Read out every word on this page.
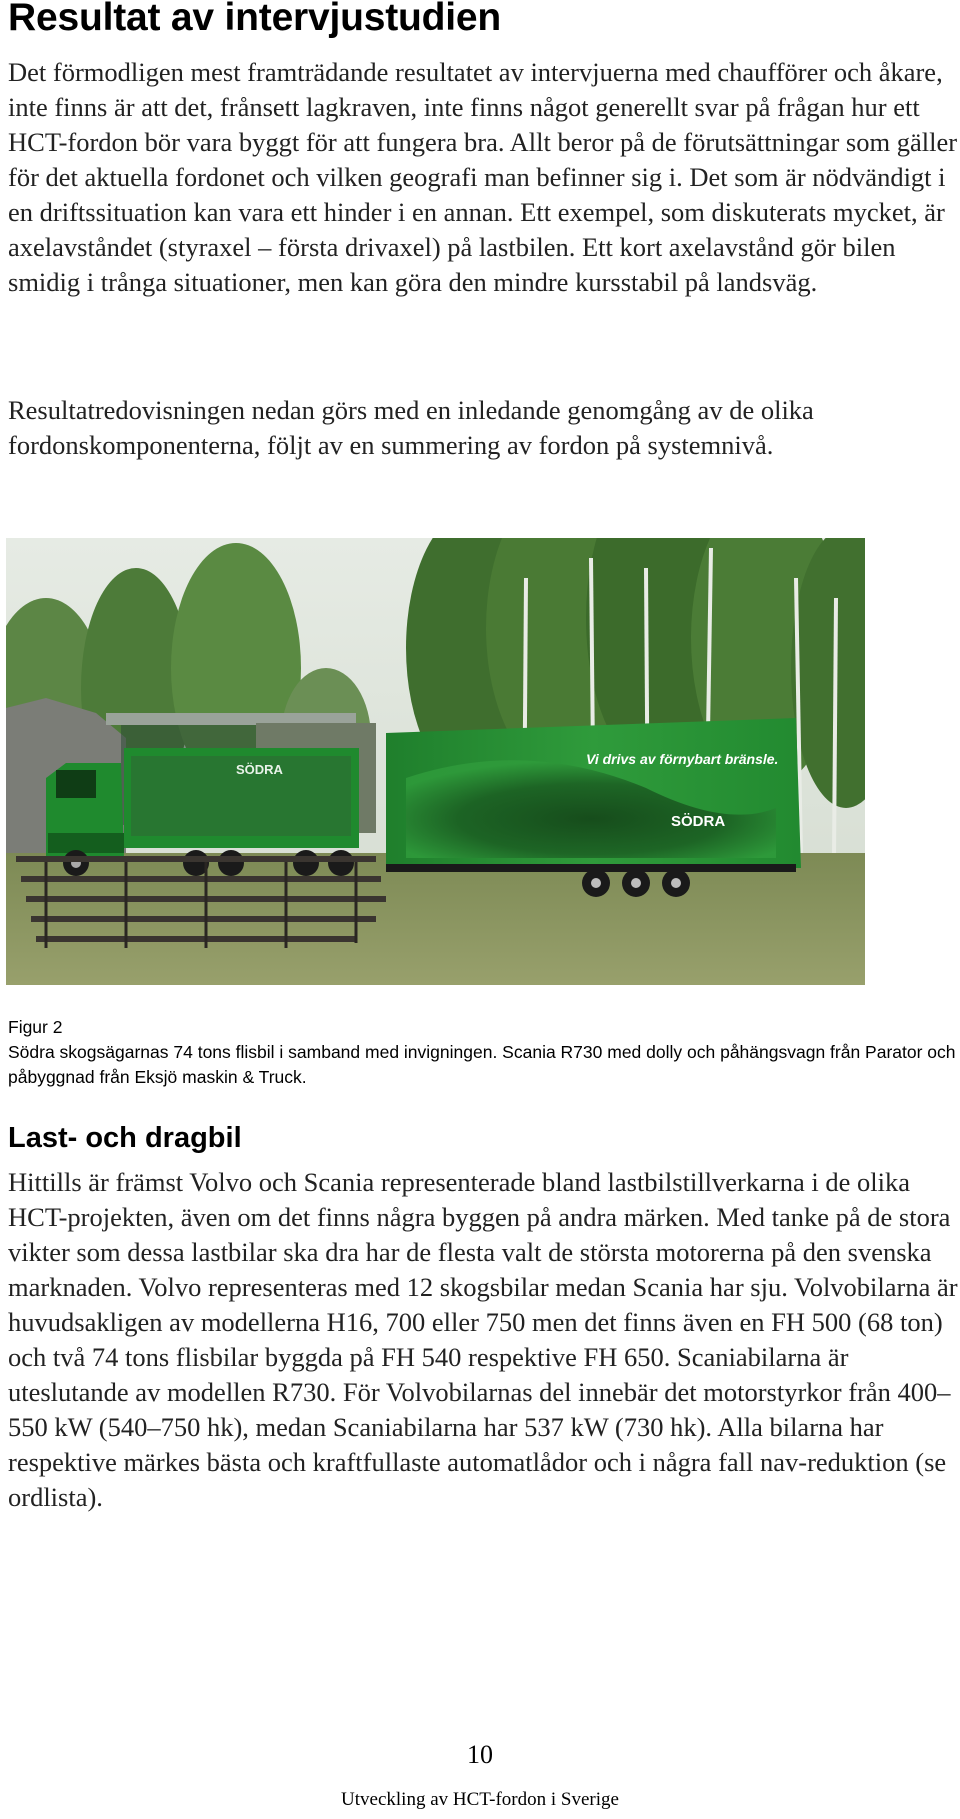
Resultat av intervjustudien

Det förmodligen mest framträdande resultatet av intervjuerna med chaufförer och åkare, inte finns är att det, frånsett lagkraven, inte finns något generellt svar på frågan hur ett HCT-fordon bör vara byggt för att fungera bra. Allt beror på de förutsättningar som gäller för det aktuella fordonet och vilken geografi man befinner sig i. Det som är nödvändigt i en driftssituation kan vara ett hinder i en annan. Ett exempel, som diskuterats mycket, är axelavståndet (styraxel – första drivaxel) på lastbilen. Ett kort axelavstånd gör bilen smidig i trånga situationer, men kan göra den mindre kursstabil på landsväg.

Resultatredovisningen nedan görs med en inledande genomgång av de olika fordonskomponenterna, följt av en summering av fordon på systemnivå.

SÖDRA
Vi drivs av förnybart bränsle.
SÖDRA
Figur 2
Södra skogsägarnas 74 tons flisbil i samband med invigningen. Scania R730 med dolly och påhängsvagn från Parator och påbyggnad från Eksjö maskin & Truck.
Last- och dragbil

Hittills är främst Volvo och Scania representerade bland lastbilstillverkarna i de olika HCT-projekten, även om det finns några byggen på andra märken. Med tanke på de stora vikter som dessa lastbilar ska dra har de flesta valt de största motorerna på den svenska marknaden. Volvo representeras med 12 skogsbilar medan Scania har sju. Volvobilarna är huvudsakligen av modellerna H16, 700 eller 750 men det finns även en FH 500 (68 ton) och två 74 tons flisbilar byggda på FH 540 respektive FH 650. Scaniabilarna är uteslutande av modellen R730. För Volvobilarnas del innebär det motorstyrkor från 400–550 kW (540–750 hk), medan Scaniabilarna har 537 kW (730 hk). Alla bilarna har respektive märkes bästa och kraftfullaste automatlådor och i några fall nav-reduktion (se ordlista).

10
Utveckling av HCT-fordon i Sverige
